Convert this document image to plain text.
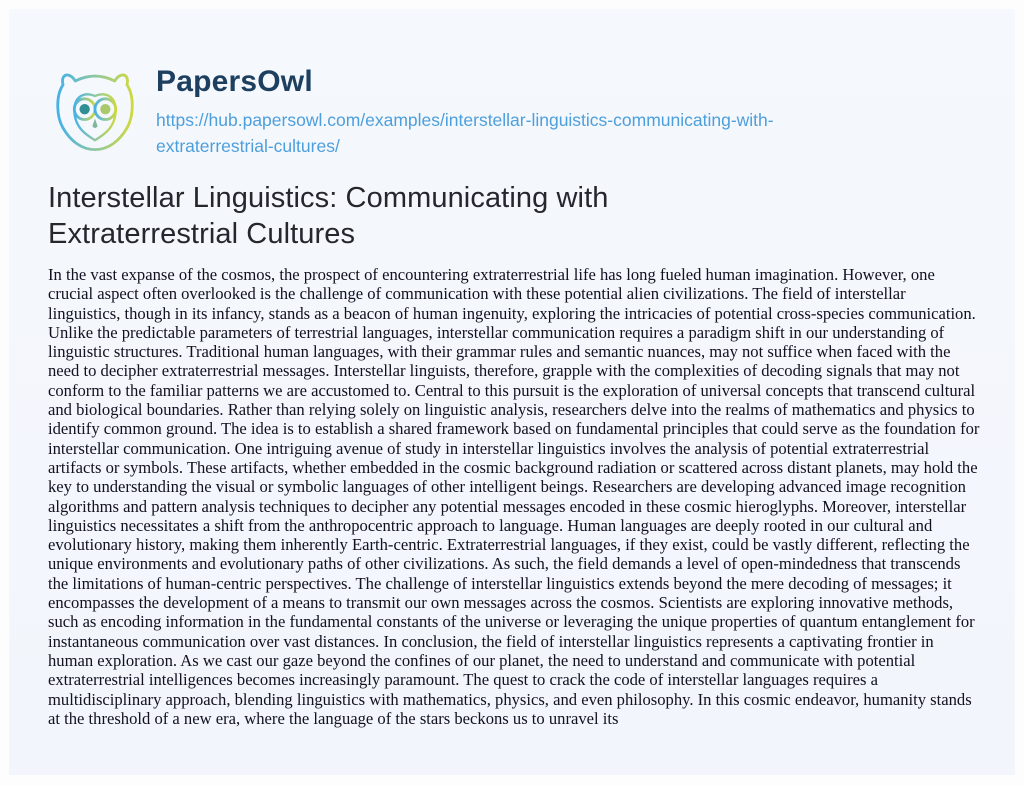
PapersOwl
https://hub.papersowl.com/examples/interstellar-linguistics-communicating-with-extraterrestrial-cultures/
Interstellar Linguistics: Communicating with Extraterrestrial Cultures

In the vast expanse of the cosmos, the prospect of encountering extraterrestrial life has long fueled human imagination. However, one crucial aspect often overlooked is the challenge of communication with these potential alien civilizations. The field of interstellar linguistics, though in its infancy, stands as a beacon of human ingenuity, exploring the intricacies of potential cross-species communication. Unlike the predictable parameters of terrestrial languages, interstellar communication requires a paradigm shift in our understanding of linguistic structures. Traditional human languages, with their grammar rules and semantic nuances, may not suffice when faced with the need to decipher extraterrestrial messages. Interstellar linguists, therefore, grapple with the complexities of decoding signals that may not conform to the familiar patterns we are accustomed to. Central to this pursuit is the exploration of universal concepts that transcend cultural and biological boundaries. Rather than relying solely on linguistic analysis, researchers delve into the realms of mathematics and physics to identify common ground. The idea is to establish a shared framework based on fundamental principles that could serve as the foundation for interstellar communication. One intriguing avenue of study in interstellar linguistics involves the analysis of potential extraterrestrial artifacts or symbols. These artifacts, whether embedded in the cosmic background radiation or scattered across distant planets, may hold the key to understanding the visual or symbolic languages of other intelligent beings. Researchers are developing advanced image recognition algorithms and pattern analysis techniques to decipher any potential messages encoded in these cosmic hieroglyphs. Moreover, interstellar linguistics necessitates a shift from the anthropocentric approach to language. Human languages are deeply rooted in our cultural and evolutionary history, making them inherently Earth-centric. Extraterrestrial languages, if they exist, could be vastly different, reflecting the unique environments and evolutionary paths of other civilizations. As such, the field demands a level of open-mindedness that transcends the limitations of human-centric perspectives. The challenge of interstellar linguistics extends beyond the mere decoding of messages; it encompasses the development of a means to transmit our own messages across the cosmos. Scientists are exploring innovative methods, such as encoding information in the fundamental constants of the universe or leveraging the unique properties of quantum entanglement for instantaneous communication over vast distances. In conclusion, the field of interstellar linguistics represents a captivating frontier in human exploration. As we cast our gaze beyond the confines of our planet, the need to understand and communicate with potential extraterrestrial intelligences becomes increasingly paramount. The quest to crack the code of interstellar languages requires a multidisciplinary approach, blending linguistics with mathematics, physics, and even philosophy. In this cosmic endeavor, humanity stands at the threshold of a new era, where the language of the stars beckons us to unravel its
